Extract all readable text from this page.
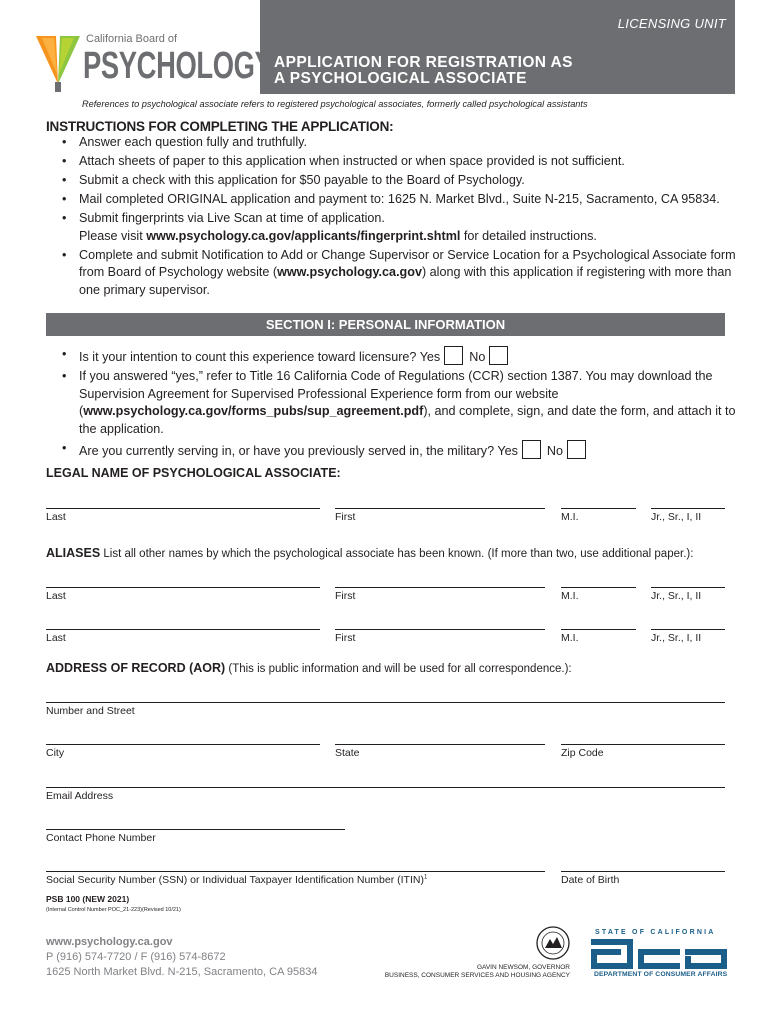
LICENSING UNIT
APPLICATION FOR REGISTRATION AS
A PSYCHOLOGICAL ASSOCIATE
California Board of
PSYCHOLOGY
References to psychological associate refers to registered psychological associates, formerly called psychological assistants
INSTRUCTIONS FOR COMPLETING THE APPLICATION:
• Answer each question fully and truthfully.
• Attach sheets of paper to this application when instructed or when space provided is not sufficient.
• Submit a check with this application for $50 payable to the Board of Psychology.
• Mail completed ORIGINAL application and payment to: 1625 N. Market Blvd., Suite N-215, Sacramento, CA 95834.
• Submit fingerprints via Live Scan at time of application.
Please visit www.psychology.ca.gov/applicants/fingerprint.shtml for detailed instructions.
• Complete and submit Notification to Add or Change Supervisor or Service Location for a Psychological Associate form from Board of Psychology website (www.psychology.ca.gov) along with this application if registering with more than one primary supervisor.
SECTION I: PERSONAL INFORMATION
• Is it your intention to count this experience toward licensure? Yes No
• If you answered “yes,” refer to Title 16 California Code of Regulations (CCR) section 1387. You may download the Supervision Agreement for Supervised Professional Experience form from our website (www.psychology.ca.gov/forms_pubs/sup_agreement.pdf), and complete, sign, and date the form, and attach it to the application.
• Are you currently serving in, or have you previously served in, the military? Yes No
LEGAL NAME OF PSYCHOLOGICAL ASSOCIATE:
Last	First	M.I.	Jr., Sr., I, II
ALIASES List all other names by which the psychological associate has been known. (If more than two, use additional paper.):
Last	First	M.I.	Jr., Sr., I, II
Last	First	M.I.	Jr., Sr., I, II
ADDRESS OF RECORD (AOR) (This is public information and will be used for all correspondence.):
Number and Street
City	State	Zip Code
Email Address
Contact Phone Number
Social Security Number (SSN) or Individual Taxpayer Identification Number (ITIN)$^1$	Date of Birth
PSB 100 (NEW 2021)
(Internal Control Number POC_21-223)(Revised 10/21)
www.psychology.ca.gov
P (916) 574-7720 / F (916) 574-8672
1625 North Market Blvd. N-215, Sacramento, CA 95834	GAVIN NEWSOM, GOVERNOR
BUSINESS, CONSUMER SERVICES AND HOUSING AGENCY
STATE OF CALIFORNIA
DEPARTMENT OF CONSUMER AFFAIRS
